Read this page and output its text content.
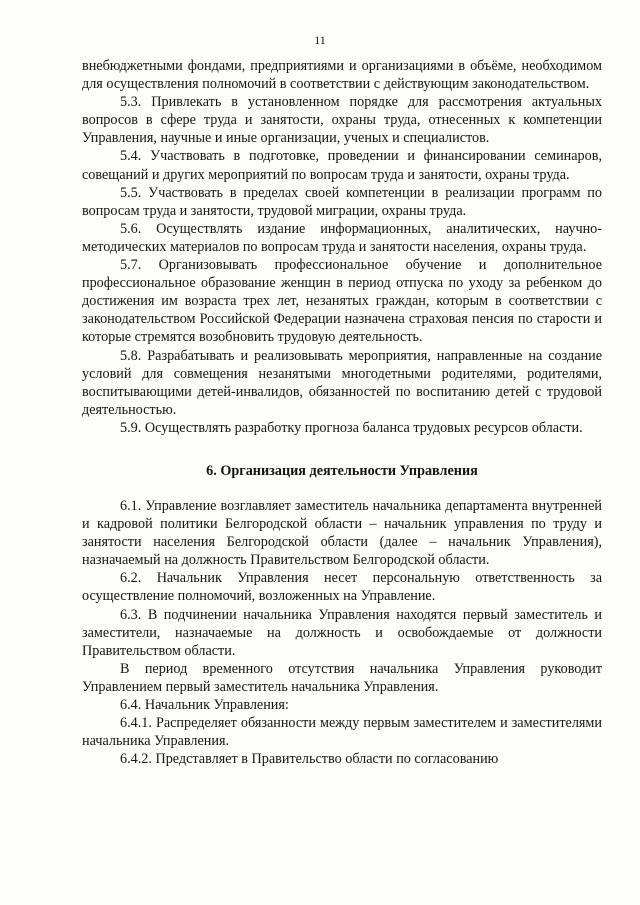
11

внебюджетными фондами, предприятиями и организациями в объёме, необходимом для осуществления полномочий в соответствии с действующим законодательством.

5.3. Привлекать в установленном порядке для рассмотрения актуальных вопросов в сфере труда и занятости, охраны труда, отнесенных к компетенции Управления, научные и иные организации, ученых и специалистов.

5.4. Участвовать в подготовке, проведении и финансировании семинаров, совещаний и других мероприятий по вопросам труда и занятости, охраны труда.

5.5. Участвовать в пределах своей компетенции в реализации программ по вопросам труда и занятости, трудовой миграции, охраны труда.

5.6. Осуществлять издание информационных, аналитических, научно-методических материалов по вопросам труда и занятости населения, охраны труда.

5.7. Организовывать профессиональное обучение и дополнительное профессиональное образование женщин в период отпуска по уходу за ребенком до достижения им возраста трех лет, незанятых граждан, которым в соответствии с законодательством Российской Федерации назначена страховая пенсия по старости и которые стремятся возобновить трудовую деятельность.

5.8. Разрабатывать и реализовывать мероприятия, направленные на создание условий для совмещения незанятыми многодетными родителями, родителями, воспитывающими детей-инвалидов, обязанностей по воспитанию детей с трудовой деятельностью.

5.9. Осуществлять разработку прогноза баланса трудовых ресурсов области.

6. Организация деятельности Управления

6.1. Управление возглавляет заместитель начальника департамента внутренней и кадровой политики Белгородской области – начальник управления по труду и занятости населения Белгородской области (далее – начальник Управления), назначаемый на должность Правительством Белгородской области.

6.2. Начальник Управления несет персональную ответственность за осуществление полномочий, возложенных на Управление.

6.3. В подчинении начальника Управления находятся первый заместитель и заместители, назначаемые на должность и освобождаемые от должности Правительством области.

В период временного отсутствия начальника Управления руководит Управлением первый заместитель начальника Управления.

6.4. Начальник Управления:

6.4.1. Распределяет обязанности между первым заместителем и заместителями начальника Управления.

6.4.2. Представляет в Правительство области по согласованию
